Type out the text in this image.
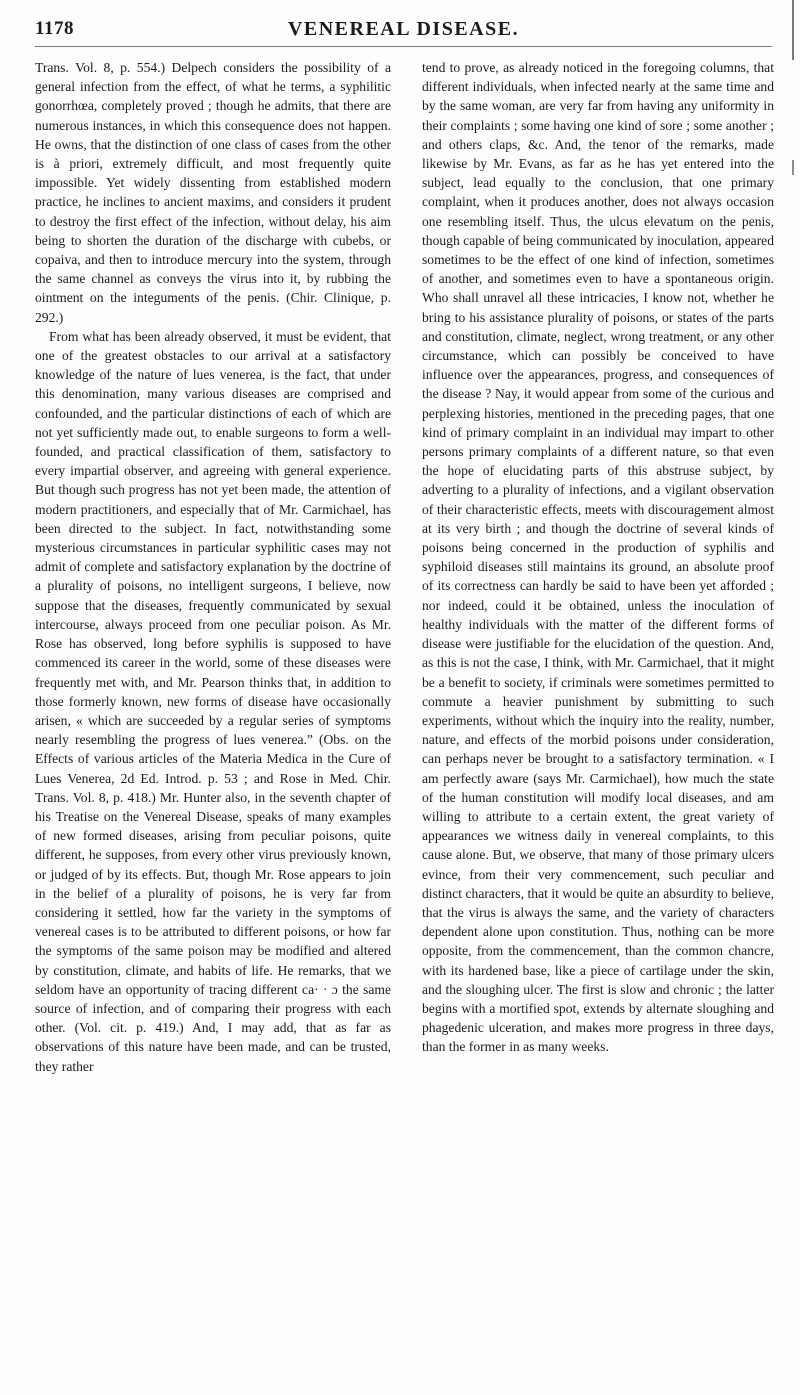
1178	VENEREAL DISEASE.

Trans. Vol. 8, p. 554.) Delpech considers the possibility of a general infection from the effect, of what he terms, a syphilitic gonorrhœa, completely proved ; though he admits, that there are numerous instances, in which this consequence does not happen. He owns, that the distinction of one class of cases from the other is à priori, extremely difficult, and most frequently quite impossible. Yet widely dissenting from established modern practice, he inclines to ancient maxims, and considers it prudent to destroy the first effect of the infection, without delay, his aim being to shorten the duration of the discharge with cubebs, or copaiva, and then to introduce mercury into the system, through the same channel as conveys the virus into it, by rubbing the ointment on the integuments of the penis. (Chir. Clinique, p. 292.)

From what has been already observed, it must be evident, that one of the greatest obstacles to our arrival at a satisfactory knowledge of the nature of lues venerea, is the fact, that under this denomination, many various diseases are comprised and confounded, and the particular distinctions of each of which are not yet sufficiently made out, to enable surgeons to form a well-founded, and practical classification of them, satisfactory to every impartial observer, and agreeing with general experience. But though such progress has not yet been made, the attention of modern practitioners, and especially that of Mr. Carmichael, has been directed to the subject. In fact, notwithstanding some mysterious circumstances in particular syphilitic cases may not admit of complete and satisfactory explanation by the doctrine of a plurality of poisons, no intelligent surgeons, I believe, now suppose that the diseases, frequently communicated by sexual intercourse, always proceed from one peculiar poison. As Mr. Rose has observed, long before syphilis is supposed to have commenced its career in the world, some of these diseases were frequently met with, and Mr. Pearson thinks that, in addition to those formerly known, new forms of disease have occasionally arisen, « which are succeeded by a regular series of symptoms nearly resembling the progress of lues venerea.” (Obs. on the Effects of various articles of the Materia Medica in the Cure of Lues Venerea, 2d Ed. Introd. p. 53 ; and Rose in Med. Chir. Trans. Vol. 8, p. 418.) Mr. Hunter also, in the seventh chapter of his Treatise on the Venereal Disease, speaks of many examples of new formed diseases, arising from peculiar poisons, quite different, he supposes, from every other virus previously known, or judged of by its effects. But, though Mr. Rose appears to join in the belief of a plurality of poisons, he is very far from considering it settled, how far the variety in the symptoms of venereal cases is to be attributed to different poisons, or how far the symptoms of the same poison may be modified and altered by constitution, climate, and habits of life. He remarks, that we seldom have an opportunity of tracing different ca· · ɔ the same source of infection, and of comparing their progress with each other. (Vol. cit. p. 419.) And, I may add, that as far as observations of this nature have been made, and can be trusted, they rather

tend to prove, as already noticed in the foregoing columns, that different individuals, when infected nearly at the same time and by the same woman, are very far from having any uniformity in their complaints ; some having one kind of sore ; some another ; and others claps, &c. And, the tenor of the remarks, made likewise by Mr. Evans, as far as he has yet entered into the subject, lead equally to the conclusion, that one primary complaint, when it produces another, does not always occasion one resembling itself. Thus, the ulcus elevatum on the penis, though capable of being communicated by inoculation, appeared sometimes to be the effect of one kind of infection, sometimes of another, and sometimes even to have a spontaneous origin. Who shall unravel all these intricacies, I know not, whether he bring to his assistance plurality of poisons, or states of the parts and constitution, climate, neglect, wrong treatment, or any other circumstance, which can possibly be conceived to have influence over the appearances, progress, and consequences of the disease ? Nay, it would appear from some of the curious and perplexing histories, mentioned in the preceding pages, that one kind of primary complaint in an individual may impart to other persons primary complaints of a different nature, so that even the hope of elucidating parts of this abstruse subject, by adverting to a plurality of infections, and a vigilant observation of their characteristic effects, meets with discouragement almost at its very birth ; and though the doctrine of several kinds of poisons being concerned in the production of syphilis and syphiloid diseases still maintains its ground, an absolute proof of its correctness can hardly be said to have been yet afforded ; nor indeed, could it be obtained, unless the inoculation of healthy individuals with the matter of the different forms of disease were justifiable for the elucidation of the question. And, as this is not the case, I think, with Mr. Carmichael, that it might be a benefit to society, if criminals were sometimes permitted to commute a heavier punishment by submitting to such experiments, without which the inquiry into the reality, number, nature, and effects of the morbid poisons under consideration, can perhaps never be brought to a satisfactory termination. « I am perfectly aware (says Mr. Carmichael), how much the state of the human constitution will modify local diseases, and am willing to attribute to a certain extent, the great variety of appearances we witness daily in venereal complaints, to this cause alone. But, we observe, that many of those primary ulcers evince, from their very commencement, such peculiar and distinct characters, that it would be quite an absurdity to believe, that the virus is always the same, and the variety of characters dependent alone upon constitution. Thus, nothing can be more opposite, from the commencement, than the common chancre, with its hardened base, like a piece of cartilage under the skin, and the sloughing ulcer. The first is slow and chronic ; the latter begins with a mortified spot, extends by alternate sloughing and phagedenic ulceration, and makes more progress in three days, than the former in as many weeks.
